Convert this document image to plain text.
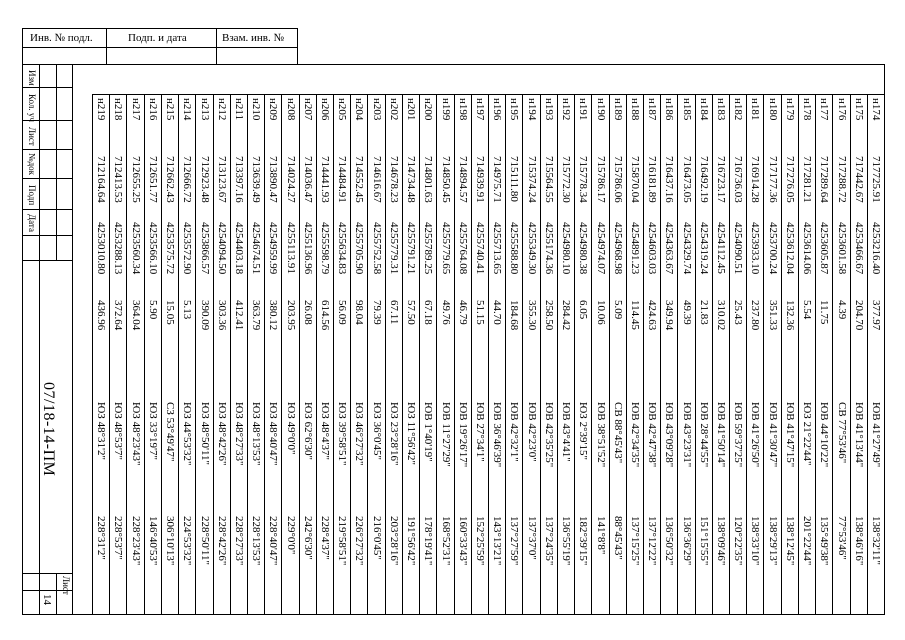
Инв. № подл.	Подп. и дата	Взам. инв. №
Изм
Кол. уч
Лист
№док
Подп
Дата
07/18-14-ПМ
Лист
14
н174
717725.91
4253216.40
377.97
ЮВ 41°27'49"
138°32'11"
н175
717442.67
4253466.67
204.70
ЮВ 41°13'44"
138°46'16"
н176
717288.72
4253601.58
4.39
СВ 77°53'46"
77°53'46"
н177
717289.64
4253605.87
11.75
ЮВ 44°10'22"
135°49'38"
н178
717281.21
4253614.06
5.54
ЮЗ 21°22'44"
201°22'44"
н179
717276.05
4253612.04
132.36
ЮВ 41°47'15"
138°12'45"
н180
717177.36
4253700.24
351.33
ЮВ 41°30'47"
138°29'13"
н181
716914.28
4253933.10
237.80
ЮВ 41°26'50"
138°33'10"
н182
716736.03
4254090.51
25.43
ЮВ 59°37'25"
120°22'35"
н183
716723.17
4254112.45
310.02
ЮВ 41°50'14"
138°09'46"
н184
716492.19
4254319.24
21.83
ЮВ 28°44'55"
151°15'55"
н185
716473.05
4254329.74
49.39
ЮВ 43°23'31"
136°36'29"
н186
716437.16
4254363.67
349.94
ЮВ 43°09'28"
136°50'32"
н187
716181.89
4254603.03
424.63
ЮВ 42°47'38"
137°12'22"
н188
715870.04
4254891.23
114.45
ЮВ 42°34'35"
137°15'25"
н189
715786.06
4254968.98
5.09
СВ 88°45'43"
88°45'43"
н190
715786.17
4254974.07
10.06
ЮВ 38°51'52"
141°8'8"
н191
715778.34
4254980.38
6.05
ЮЗ 2°39'15"
182°39'15"
н192
715772.30
4254980.10
284.42
ЮВ 43°4'41"
136°55'19"
н193
715564.55
4255174.36
258.50
ЮВ 42°35'25"
137°24'35"
н194
715374.24
4255349.30
355.30
ЮВ 42°23'0"
137°37'0"
н195
715111.80
4255588.80
184.68
ЮВ 42°32'1"
137°27'59"
н196
714975.71
4255713.65
44.70
ЮВ 36°46'39"
143°13'21"
н197
714939.91
4255740.41
51.15
ЮВ 27°34'1"
152°25'59"
н198
714894.57
4255764.08
46.79
ЮВ 19°26'17"
160°33'43"
н199
714850.45
4255779.65
49.76
ЮВ 11°27'29"
168°52'31"
н200
714801.63
4255789.25
67.18
ЮВ 1°40'19"
178°19'41"
н201
714734.48
4255791.21
57.50
ЮЗ 11°56'42"
191°56'42"
н202
714678.23
4255779.31
67.11
ЮЗ 23°28'16"
203°28'16"
н203
714616.67
4255752.58
79.39
ЮЗ 36°0'45"
216°0'45"
н204
714552.45
4255705.90
98.04
ЮЗ 46°27'32"
226°27'32"
н205
714484.91
4255634.83
56.09
ЮЗ 39°58'51"
219°58'51"
н206
714441.93
4255598.79
614.56
ЮЗ 48°4'37"
228°4'37"
н207
714036.47
4255136.96
26.08
ЮЗ 62°6'30"
242°6'30"
н208
714024.27
4255113.91
203.95
ЮЗ 49°0'0"
229°0'0"
н209
713890.47
4254959.99
380.12
ЮЗ 48°40'47"
228°40'47"
н210
713639.49
4254674.51
363.79
ЮЗ 48°13'53"
228°13'53"
н211
713397.16
4254403.18
412.41
ЮЗ 48°27'33"
228°27'33"
н212
713123.67
4254094.50
303.36
ЮЗ 48°42'26"
228°42'26"
н213
712923.48
4253866.57
390.09
ЮЗ 48°50'11"
228°50'11"
н214
712666.72
4253572.90
5.13
ЮЗ 44°53'32"
224°53'32"
н215
712662.43
4253575.72
15.05
СЗ 53°49'47"
306°10'13"
н216
712651.77
4253566.10
5.90
ЮЗ 33°19'7"
146°40'53"
н217
712655.25
4253560.34
364.04
ЮЗ 48°23'43"
228°23'43"
н218
712413.53
4253288.13
372.64
ЮЗ 48°53'7"
228°53'7"
н219
712164.64
4253010.80
436.96
ЮЗ 48°31'2"
228°31'2"
